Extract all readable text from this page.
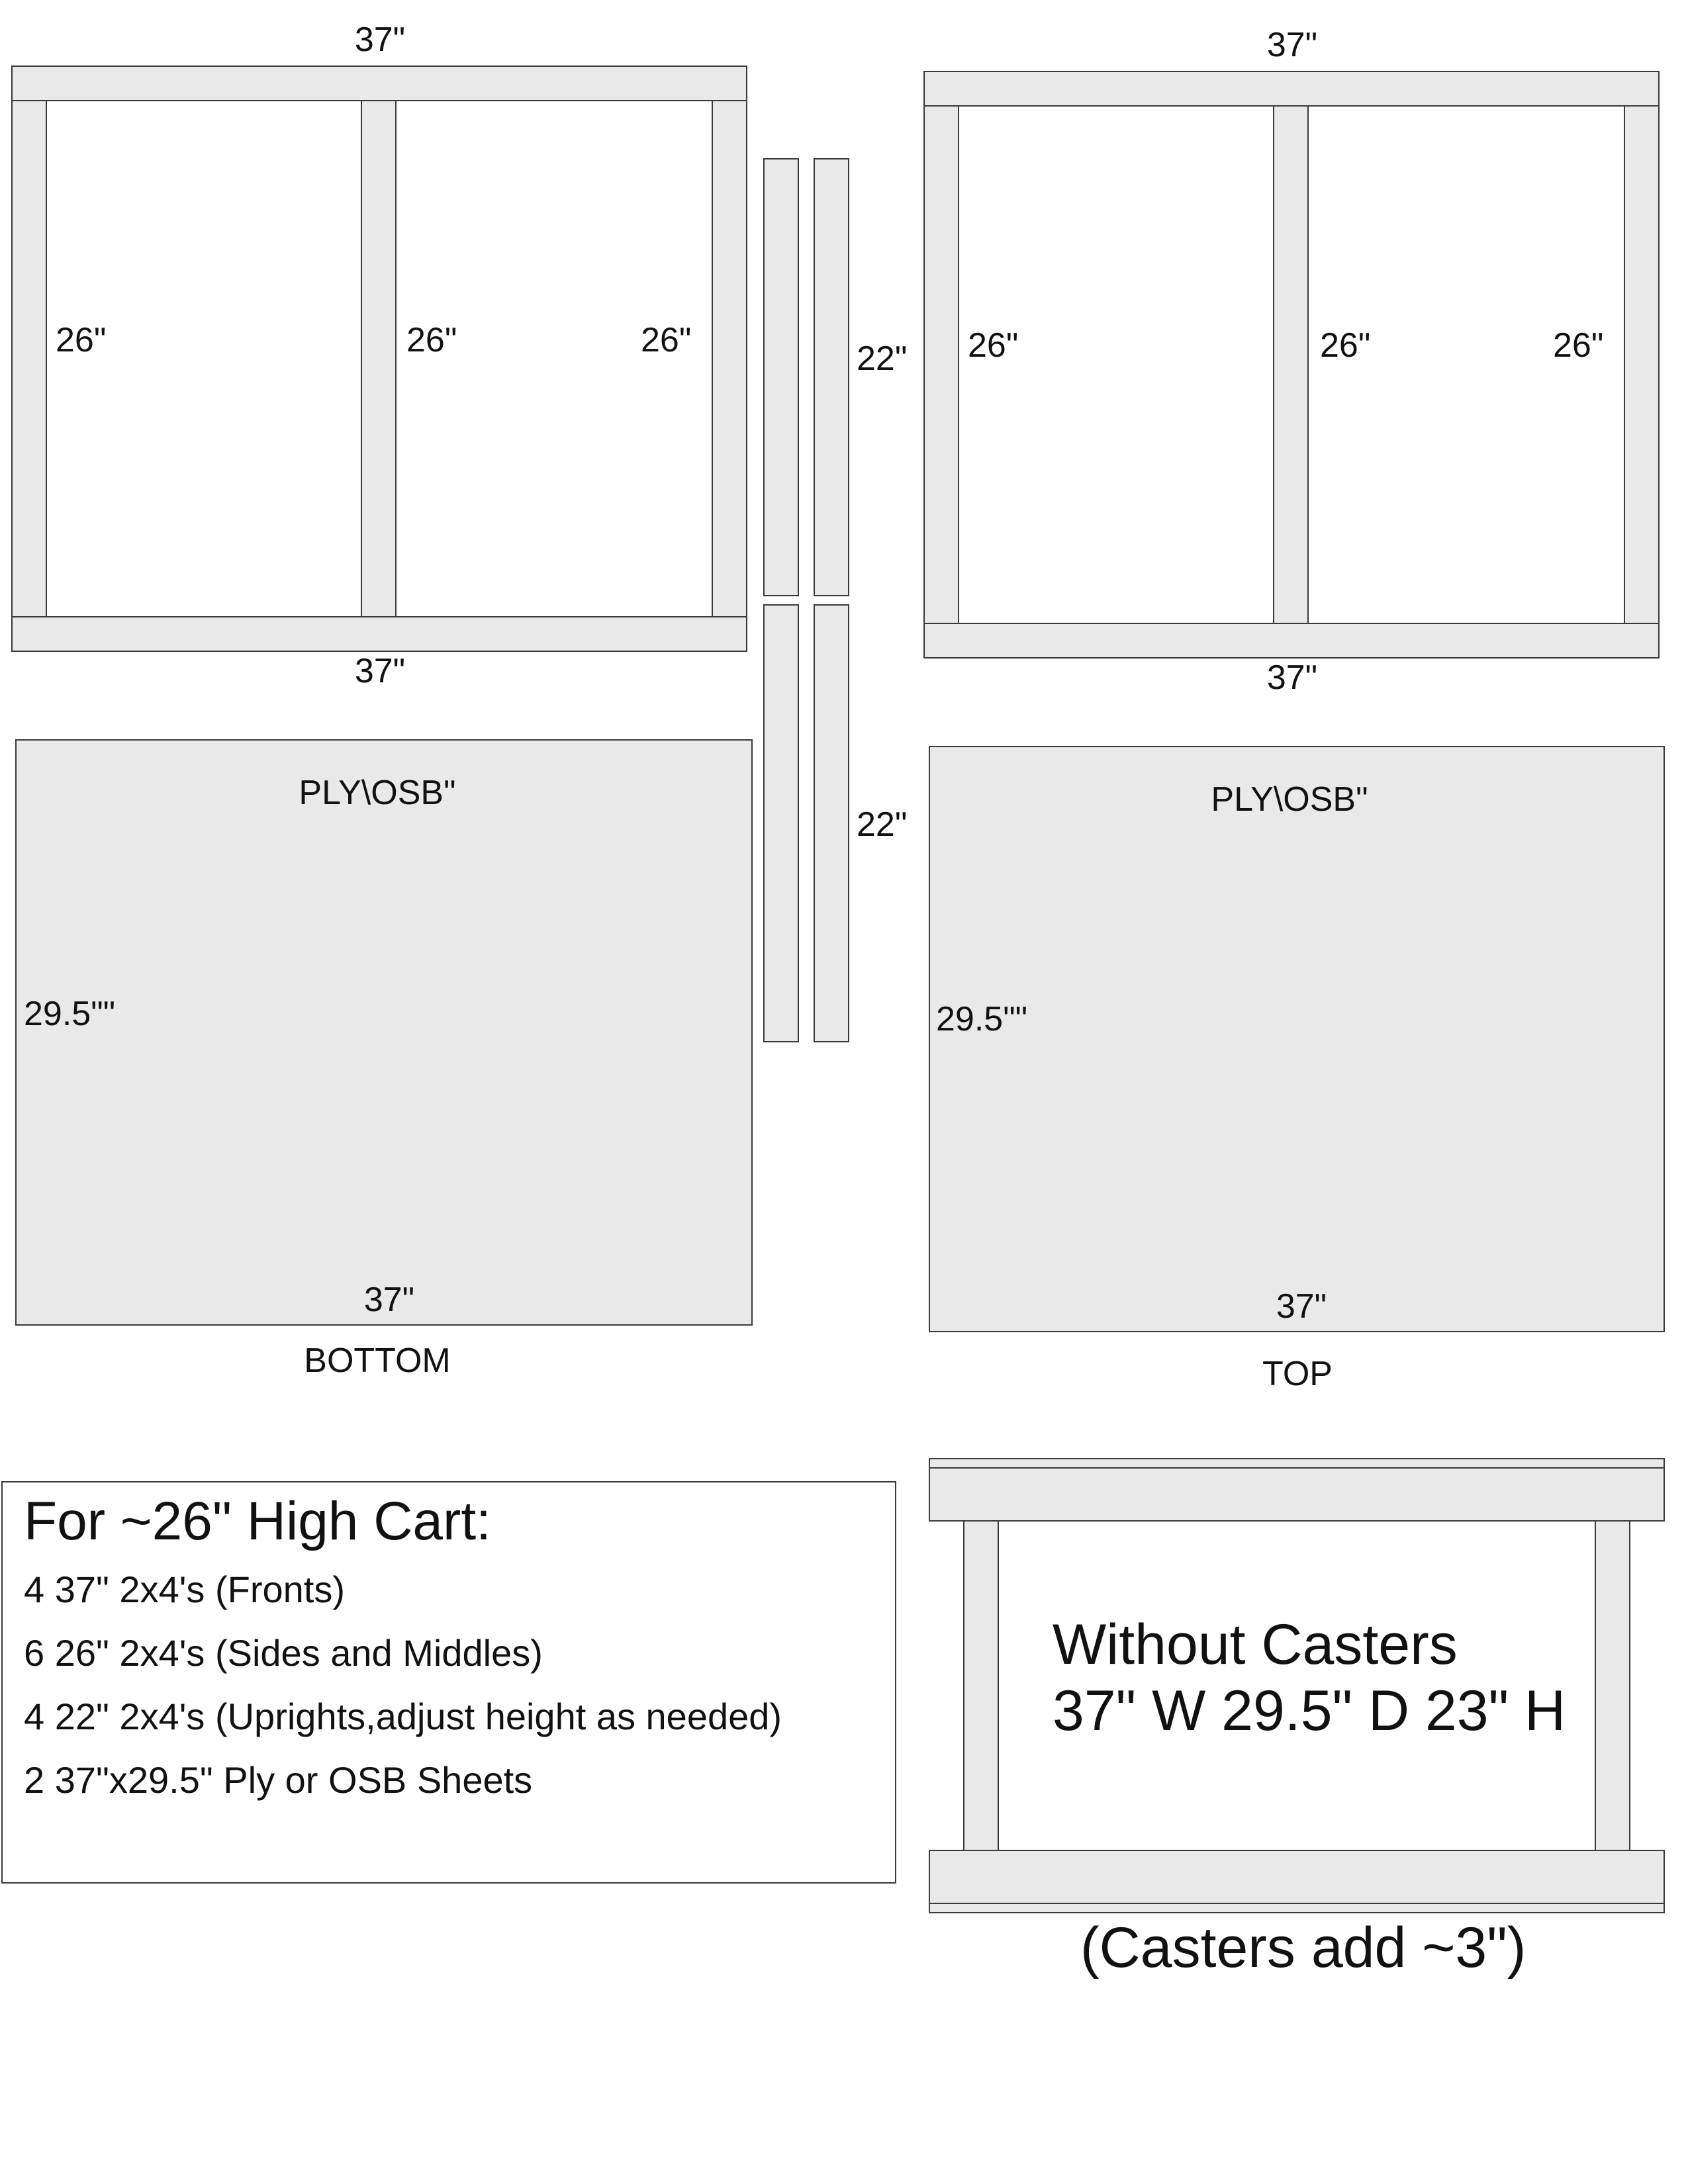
37"
37"
26"	26"	26"
37"
37"
26"	26"	26"
22"
22"
PLY\OSB"
29.5""
37"
BOTTOM
PLY\OSB"
29.5""
37"
TOP
For ~26" High Cart:
4 37" 2x4's (Fronts)
6 26" 2x4's (Sides and Middles)
4 22" 2x4's (Uprights,adjust height as needed)
2 37"x29.5" Ply or OSB Sheets
Without Casters
37" W 29.5" D 23" H
(Casters add ~3")
